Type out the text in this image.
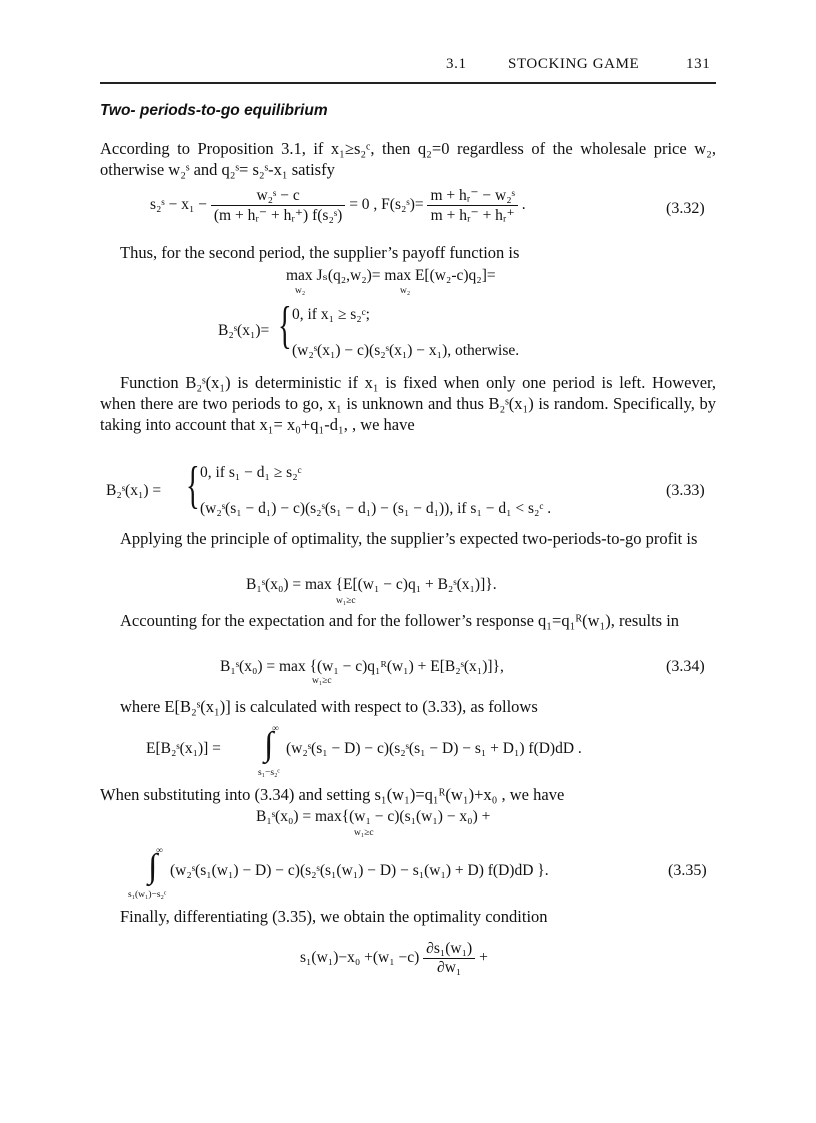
3.1	STOCKING GAME	131
Two- periods-to-go equilibrium
According to Proposition 3.1, if x₁≥s₂ᶜ, then q₂=0 regardless of the wholesale price w₂, otherwise w₂ˢ and q₂ˢ= s₂ˢ-x₁ satisfy
s₂ˢ − $x_1 - \frac{\text{w₂ˢ − c}}{\text{(m + hᵣ⁻ + hᵣ⁺) f(s₂ˢ)}} = 0$ , F(s₂ˢ)= $\frac{\text{m + hᵣ⁻ − w₂ˢ}}{\text{m + hᵣ⁻ + hᵣ⁺}}$ .	(3.32)
Thus, for the second period, the supplier’s payoff function is
max Jₛ(q₂,w₂)= max E[(w₂-c)q₂]=
w₂	w₂
B₂ˢ(x₁)= { 0, if x₁ ≥ s₂ᶜ;
(w₂ˢ(x₁) − c)(s₂ˢ(x₁) − x₁), otherwise.
Function B₂ˢ(x₁) is deterministic if x₁ is fixed when only one period is left. However, when there are two periods to go, x₁ is unknown and thus B₂ˢ(x₁) is random. Specifically, by taking into account that x₁= x₀+q₁-d₁, , we have
B₂ˢ(x₁) = { 0, if s₁ − d₁ ≥ s₂ᶜ
(w₂ˢ(s₁ − d₁) − c)(s₂ˢ(s₁ − d₁) − (s₁ − d₁)), if s₁ − d₁ < s₂ᶜ .
(3.33)
Applying the principle of optimality, the supplier’s expected two-periods-to-go profit is
B₁ˢ(x₀) = max {E[(w₁ − c)q₁ + B₂ˢ(x₁)]}.
w₁≥c
Accounting for the expectation and for the follower’s response q₁=q₁ᴿ(w₁), results in
B₁ˢ(x₀) = max {(w₁ − c)q₁ᴿ(w₁) + E[B₂ˢ(x₁)]},
w₁≥c
(3.34)
where E[B₂ˢ(x₁)] is calculated with respect to (3.33), as follows
E[B₂ˢ(x₁)] =
∞
∫
s₁−s₂ᶜ
(w₂ˢ(s₁ − D) − c)(s₂ˢ(s₁ − D) − s₁ + D₁) f(D)dD .
When substituting into (3.34) and setting s₁(w₁)=q₁ᴿ(w₁)+x₀ , we have
B₁ˢ(x₀) = max{(w₁ − c)(s₁(w₁) − x₀) +
w₁≥c
∞
∫
s₁(w₁)−s₂ᶜ
(w₂ˢ(s₁(w₁) − D) − c)(s₂ˢ(s₁(w₁) − D) − s₁(w₁) + D) f(D)dD }.	(3.35)
Finally, differentiating (3.35), we obtain the optimality condition
$s_1(w_1)-x_0 +(w_1 -c) \frac{\text{∂s₁(w₁)}}{\text{∂w₁}}$ +
